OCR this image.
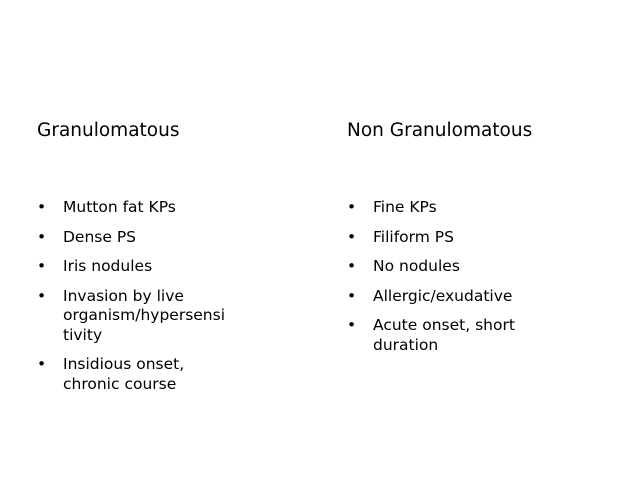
Granulomatous
• Mutton fat KPs
• Dense PS
• Iris nodules
• Invasion by live organism/hypersensi tivity
• Insidious onset, chronic course
Non Granulomatous
• Fine KPs
• Filiform PS
• No nodules
• Allergic/exudative
• Acute onset, short duration
